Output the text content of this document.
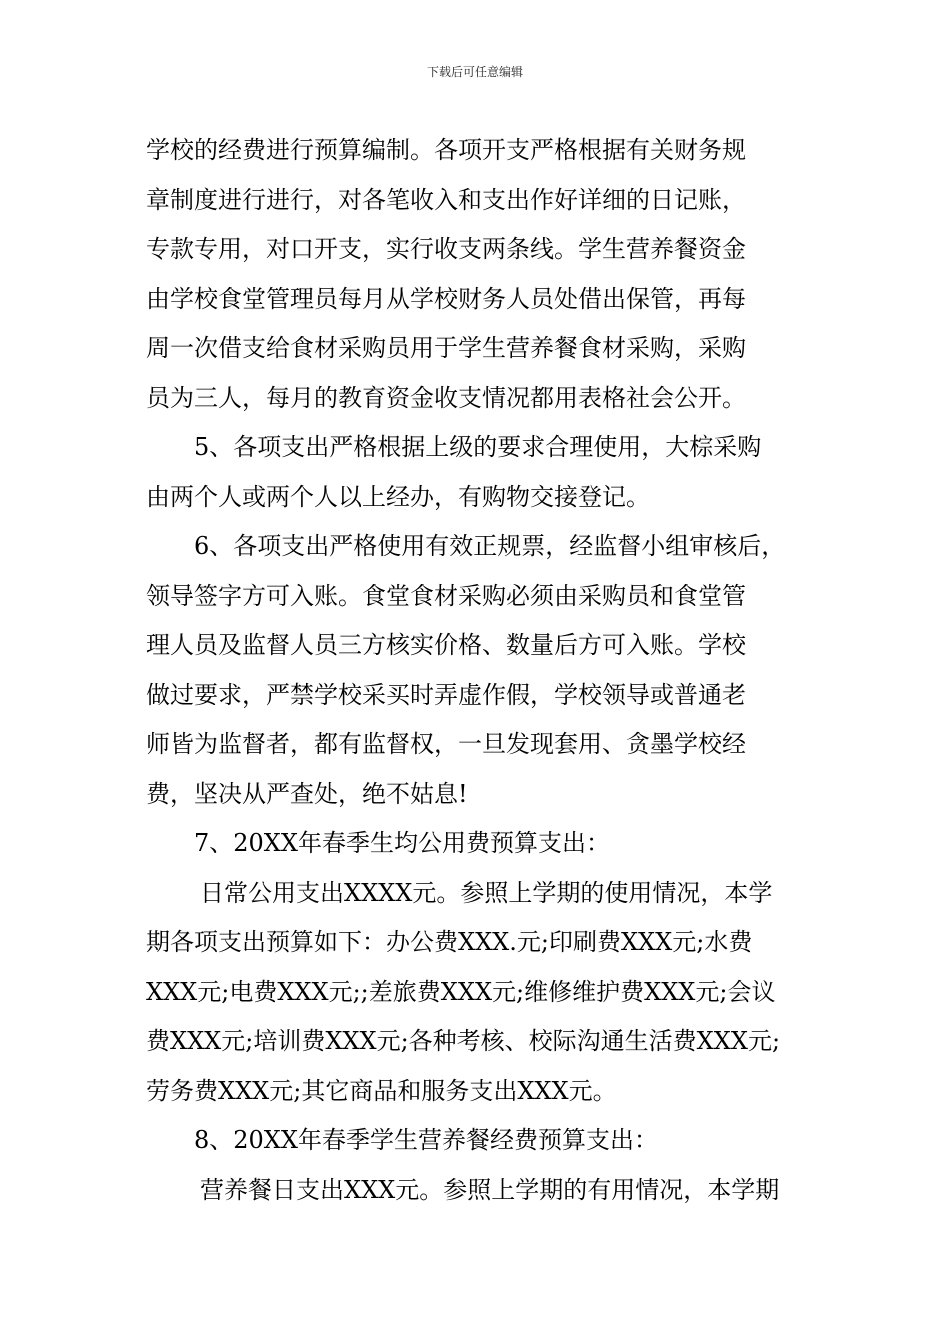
下载后可任意编辑
学校的经费进行预算编制。各项开支严格根据有关财务规
章制度进行进行，对各笔收入和支出作好详细的日记账，
专款专用，对口开支，实行收支两条线。学生营养餐资金
由学校食堂管理员每月从学校财务人员处借出保管，再每
周一次借支给食材采购员用于学生营养餐食材采购，采购
员为三人，每月的教育资金收支情况都用表格社会公开。
5、各项支出严格根据上级的要求合理使用，大棕采购
由两个人或两个人以上经办，有购物交接登记。
6、各项支出严格使用有效正规票，经监督小组审核后，
领导签字方可入账。食堂食材采购必须由采购员和食堂管
理人员及监督人员三方核实价格、数量后方可入账。学校
做过要求，严禁学校采买时弄虚作假，学校领导或普通老
师皆为监督者，都有监督权，一旦发现套用、贪墨学校经
费，坚决从严查处，绝不姑息!
7、20XX年春季生均公用费预算支出：
日常公用支出XXXX元。参照上学期的使用情况，本学
期各项支出预算如下：办公费XXX.元;印刷费XXX元;水费
XXX元;电费XXX元;;差旅费XXX元;维修维护费XXX元;会议
费XXX元;培训费XXX元;各种考核、校际沟通生活费XXX元;
劳务费XXX元;其它商品和服务支出XXX元。
8、20XX年春季学生营养餐经费预算支出：
营养餐日支出XXX元。参照上学期的有用情况，本学期
